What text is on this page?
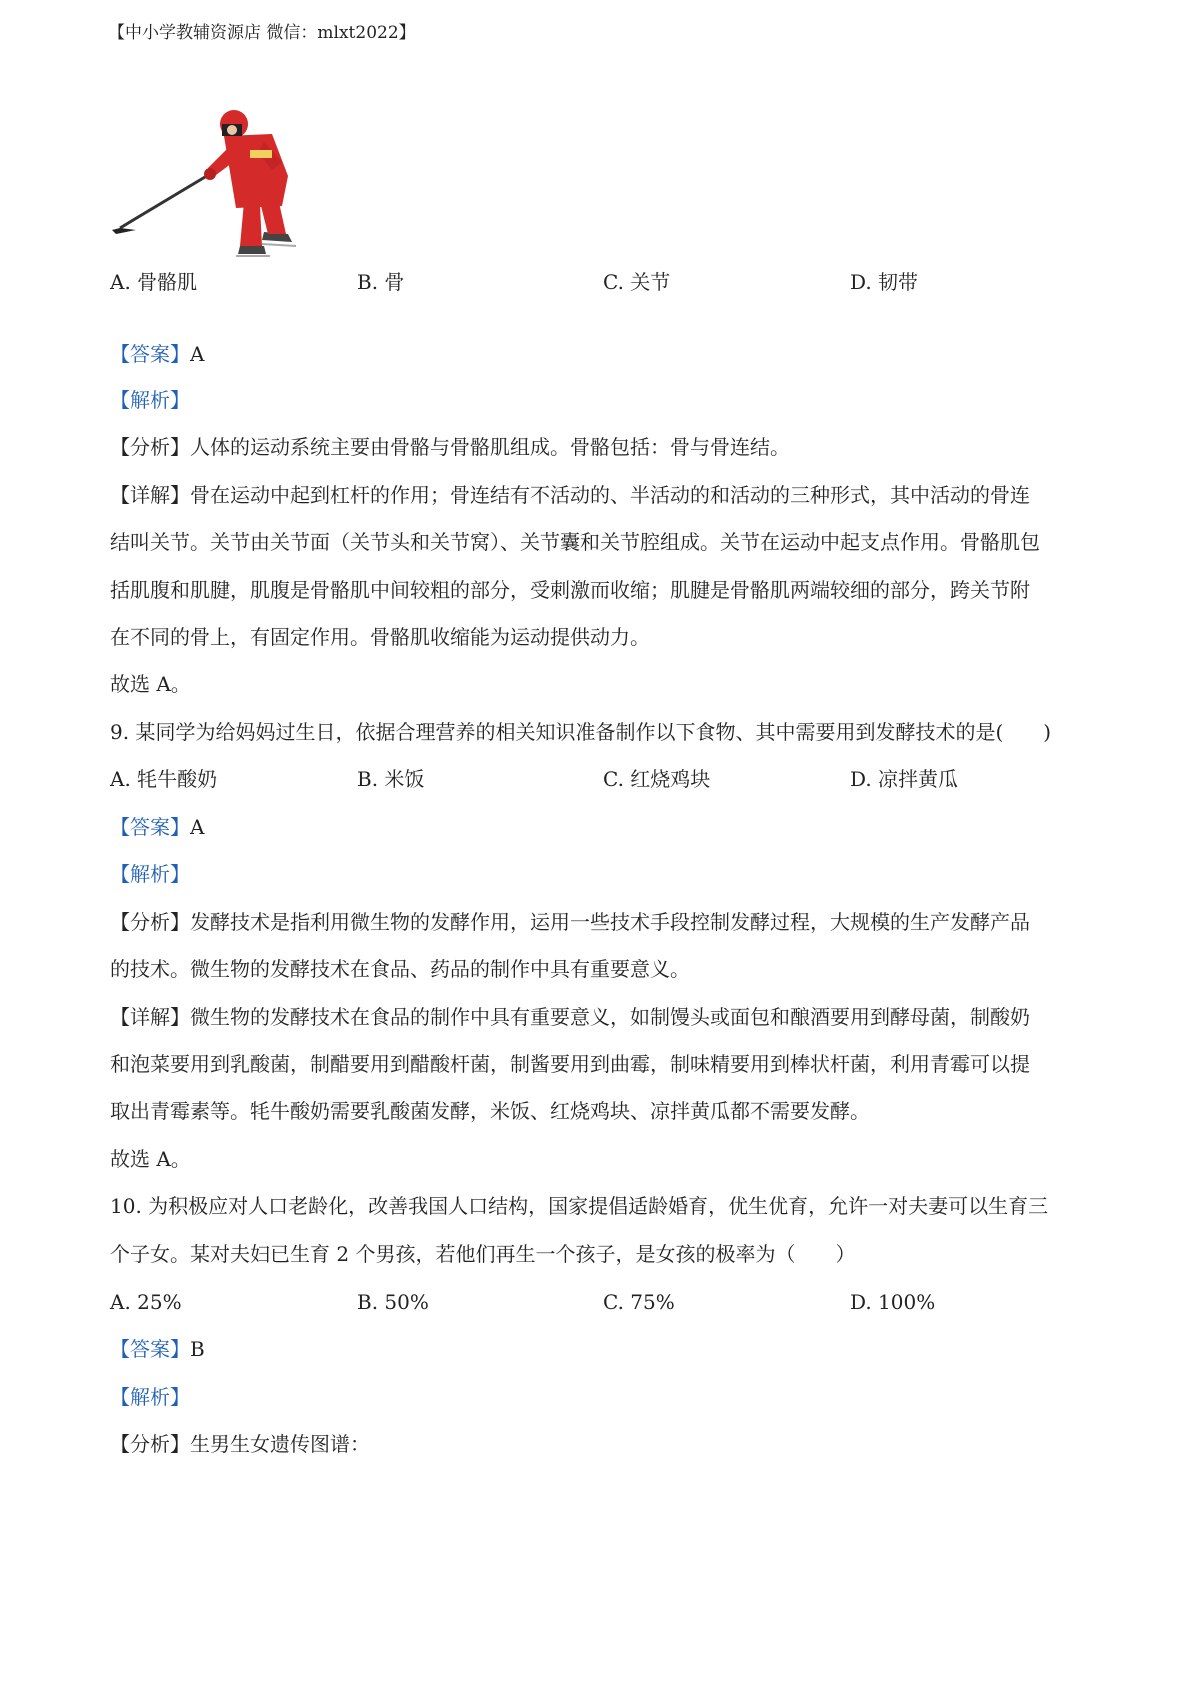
【中小学教辅资源店 微信：mlxt2022】
A. 骨骼肌	B. 骨	C. 关节	D. 韧带
【答案】A
【解析】
【分析】人体的运动系统主要由骨骼与骨骼肌组成。骨骼包括：骨与骨连结。
【详解】骨在运动中起到杠杆的作用；骨连结有不活动的、半活动的和活动的三种形式，其中活动的骨连
结叫关节。关节由关节面（关节头和关节窝）、关节囊和关节腔组成。关节在运动中起支点作用。骨骼肌包
括肌腹和肌腱，肌腹是骨骼肌中间较粗的部分，受刺激而收缩；肌腱是骨骼肌两端较细的部分，跨关节附
在不同的骨上，有固定作用。骨骼肌收缩能为运动提供动力。
故选 A。
9. 某同学为给妈妈过生日，依据合理营养的相关知识准备制作以下食物、其中需要用到发酵技术的是(　　)
A. 牦牛酸奶	B. 米饭	C. 红烧鸡块	D. 凉拌黄瓜
【答案】A
【解析】
【分析】发酵技术是指利用微生物的发酵作用，运用一些技术手段控制发酵过程，大规模的生产发酵产品
的技术。微生物的发酵技术在食品、药品的制作中具有重要意义。
【详解】微生物的发酵技术在食品的制作中具有重要意义，如制馒头或面包和酿酒要用到酵母菌，制酸奶
和泡菜要用到乳酸菌，制醋要用到醋酸杆菌，制酱要用到曲霉，制味精要用到棒状杆菌，利用青霉可以提
取出青霉素等。牦牛酸奶需要乳酸菌发酵，米饭、红烧鸡块、凉拌黄瓜都不需要发酵。
故选 A。
10. 为积极应对人口老龄化，改善我国人口结构，国家提倡适龄婚育，优生优育，允许一对夫妻可以生育三
个子女。某对夫妇已生育 2 个男孩，若他们再生一个孩子，是女孩的极率为（　　）
A. 25%	B. 50%	C. 75%	D. 100%
【答案】B
【解析】
【分析】生男生女遗传图谱：
